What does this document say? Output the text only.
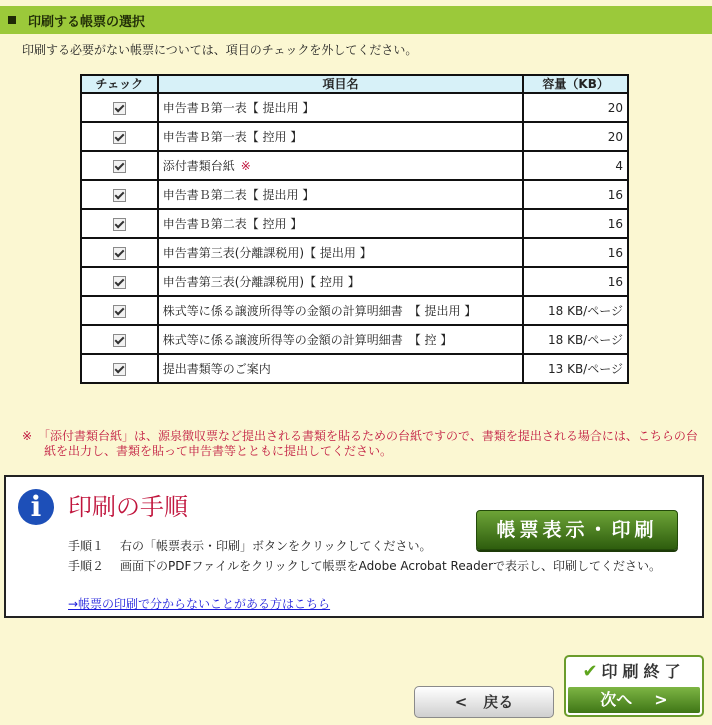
印刷する帳票の選択
印刷する必要がない帳票については、項目のチェックを外してください。
チェック	項目名	容量（KB）
	申告書Ｂ第一表【 提出用 】	20
	申告書Ｂ第一表【 控用 】	20
	添付書類台紙 ※	4
	申告書Ｂ第二表【 提出用 】	16
	申告書Ｂ第二表【 控用 】	16
	申告書第三表(分離課税用)【 提出用 】	16
	申告書第三表(分離課税用)【 控用 】	16
	株式等に係る譲渡所得等の金額の計算明細書　【 提出用 】	18 KB/ページ
	株式等に係る譲渡所得等の金額の計算明細書　【 控 】	18 KB/ページ
	提出書類等のご案内	13 KB/ページ
※　「添付書類台紙」は、源泉徴収票など提出される書類を貼るための台紙ですので、書類を提出される場合には、こちらの台紙を出力し、書類を貼って申告書等とともに提出してください。
i	印刷の手順
帳票表示・印刷
手順１ 右の「帳票表示・印刷」ボタンをクリックしてください。
手順２ 画面下のPDFファイルをクリックして帳票をAdobe Acrobat Readerで表示し、印刷してください。
→帳票の印刷で分からないことがある方はこちら
< 戻る
✔ 印刷終了
次へ >
